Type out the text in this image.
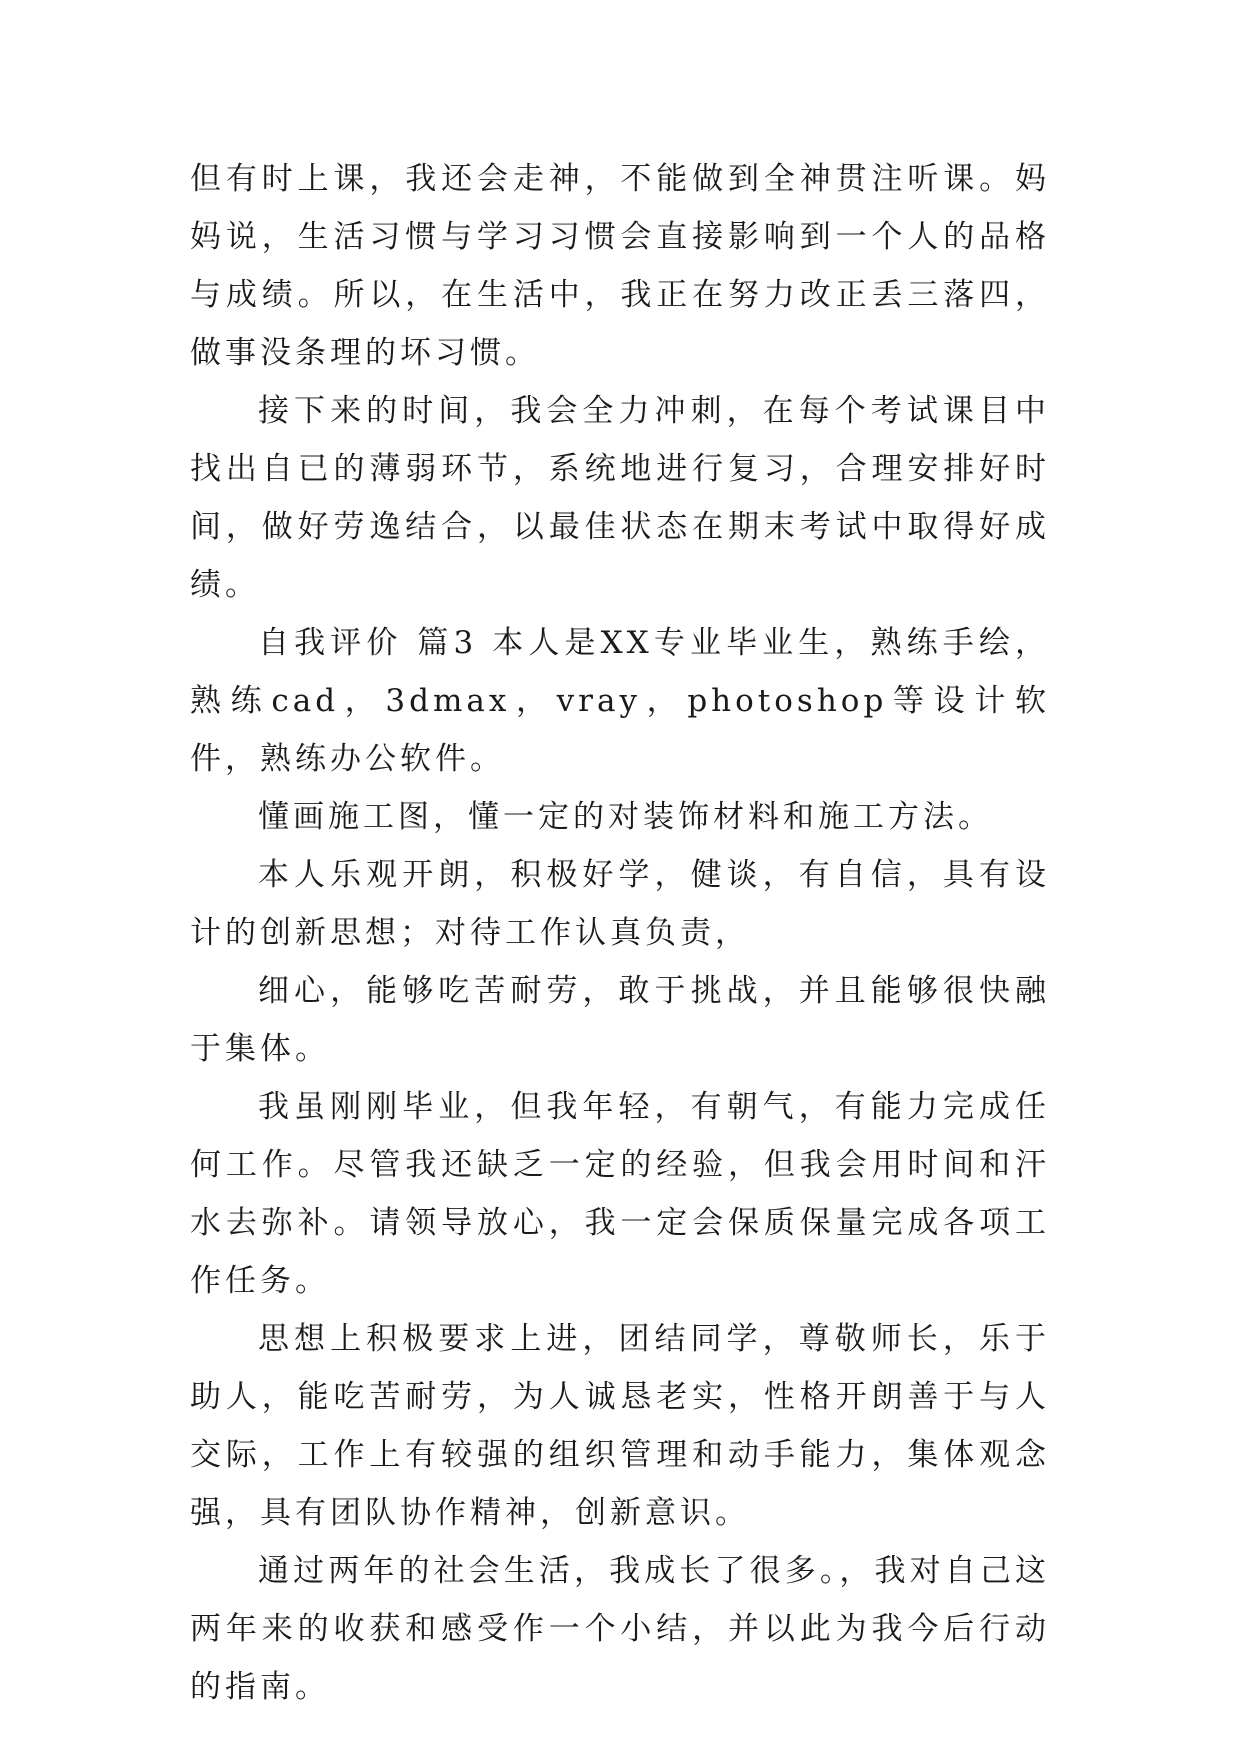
但有时上课，我还会走神，不能做到全神贯注听课。妈妈说，生活习惯与学习习惯会直接影响到一个人的品格与成绩。所以，在生活中，我正在努力改正丢三落四，做事没条理的坏习惯。

接下来的时间，我会全力冲刺，在每个考试课目中找出自已的薄弱环节，系统地进行复习，合理安排好时间，做好劳逸结合，以最佳状态在期末考试中取得好成绩。

自我评价 篇3 本人是XX专业毕业生，熟练手绘，熟练cad，3dmax，vray，photoshop等设计软件，熟练办公软件。

懂画施工图，懂一定的对装饰材料和施工方法。

本人乐观开朗，积极好学，健谈，有自信，具有设计的创新思想；对待工作认真负责，

细心，能够吃苦耐劳，敢于挑战，并且能够很快融于集体。

我虽刚刚毕业，但我年轻，有朝气，有能力完成任何工作。尽管我还缺乏一定的经验，但我会用时间和汗水去弥补。请领导放心，我一定会保质保量完成各项工作任务。

思想上积极要求上进，团结同学，尊敬师长，乐于助人，能吃苦耐劳，为人诚恳老实，性格开朗善于与人交际，工作上有较强的组织管理和动手能力，集体观念强，具有团队协作精神，创新意识。

通过两年的社会生活，我成长了很多。，我对自己这两年来的收获和感受作一个小结，并以此为我今后行动的指南。
